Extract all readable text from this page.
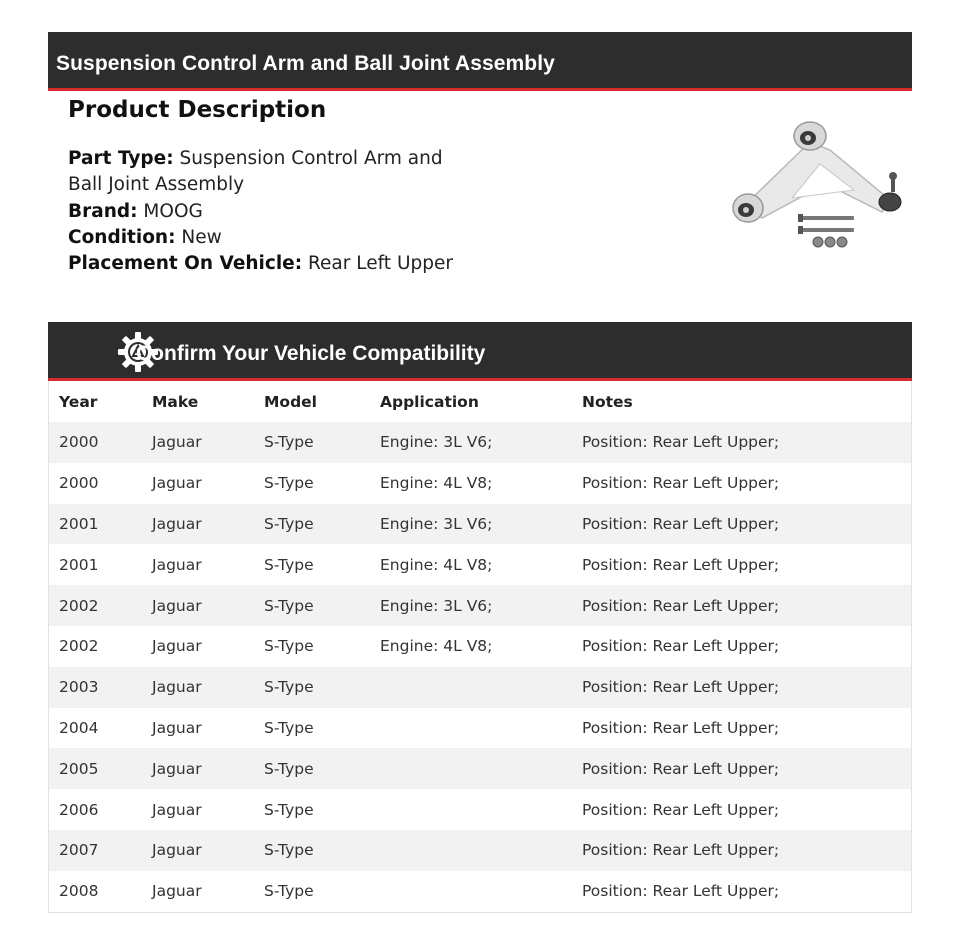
Suspension Control Arm and Ball Joint Assembly
Product Description
Part Type: Suspension Control Arm and Ball Joint Assembly
Brand: MOOG
Condition: New
Placement On Vehicle: Rear Left Upper
Confirm Your Vehicle Compatibility
Year	Make	Model	Application	Notes
2000	Jaguar	S-Type	Engine: 3L V6;	Position: Rear Left Upper;
2000	Jaguar	S-Type	Engine: 4L V8;	Position: Rear Left Upper;
2001	Jaguar	S-Type	Engine: 3L V6;	Position: Rear Left Upper;
2001	Jaguar	S-Type	Engine: 4L V8;	Position: Rear Left Upper;
2002	Jaguar	S-Type	Engine: 3L V6;	Position: Rear Left Upper;
2002	Jaguar	S-Type	Engine: 4L V8;	Position: Rear Left Upper;
2003	Jaguar	S-Type		Position: Rear Left Upper;
2004	Jaguar	S-Type		Position: Rear Left Upper;
2005	Jaguar	S-Type		Position: Rear Left Upper;
2006	Jaguar	S-Type		Position: Rear Left Upper;
2007	Jaguar	S-Type		Position: Rear Left Upper;
2008	Jaguar	S-Type		Position: Rear Left Upper;
